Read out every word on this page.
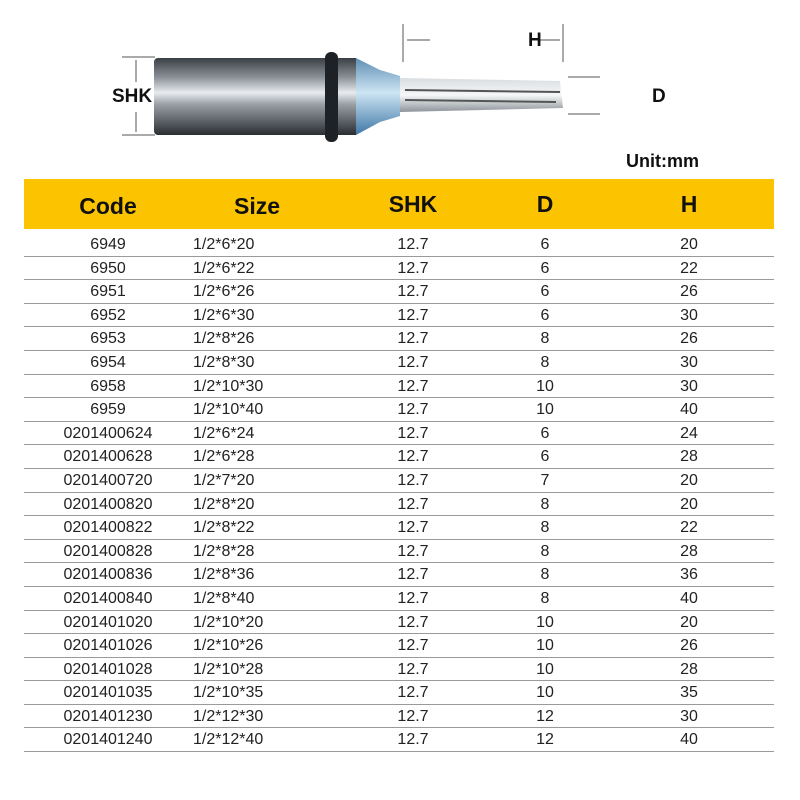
SHK
H
D
Unit:mm
Code	Size	SHK	D	H
6949	1/2*6*20	12.7	6	20
6950	1/2*6*22	12.7	6	22
6951	1/2*6*26	12.7	6	26
6952	1/2*6*30	12.7	6	30
6953	1/2*8*26	12.7	8	26
6954	1/2*8*30	12.7	8	30
6958	1/2*10*30	12.7	10	30
6959	1/2*10*40	12.7	10	40
0201400624	1/2*6*24	12.7	6	24
0201400628	1/2*6*28	12.7	6	28
0201400720	1/2*7*20	12.7	7	20
0201400820	1/2*8*20	12.7	8	20
0201400822	1/2*8*22	12.7	8	22
0201400828	1/2*8*28	12.7	8	28
0201400836	1/2*8*36	12.7	8	36
0201400840	1/2*8*40	12.7	8	40
0201401020	1/2*10*20	12.7	10	20
0201401026	1/2*10*26	12.7	10	26
0201401028	1/2*10*28	12.7	10	28
0201401035	1/2*10*35	12.7	10	35
0201401230	1/2*12*30	12.7	12	30
0201401240	1/2*12*40	12.7	12	40
